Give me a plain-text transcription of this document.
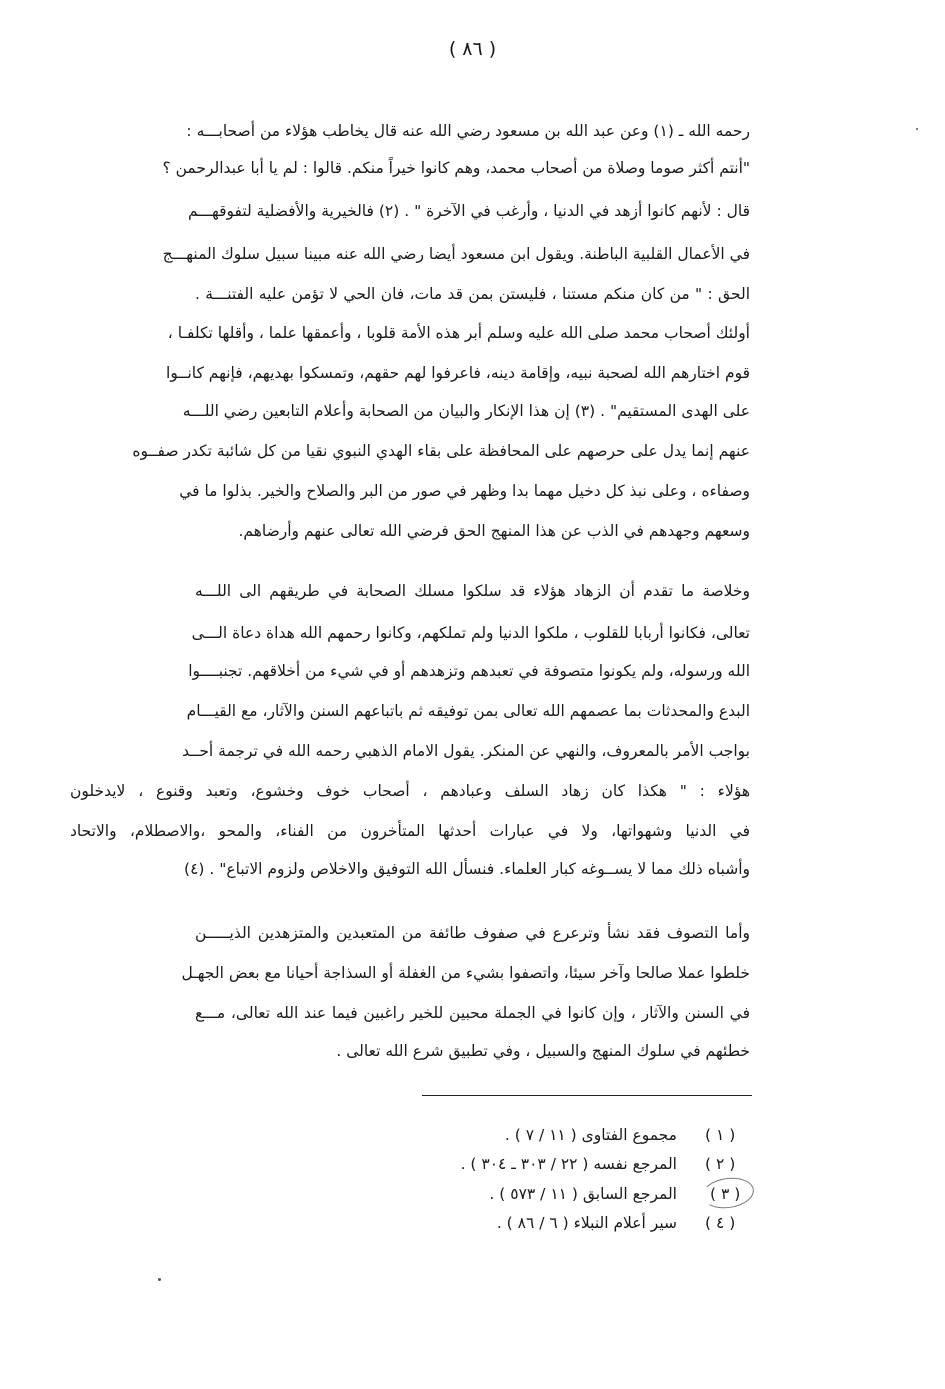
( ٨٦ )
رحمه الله ـ (١) وعن عبد الله بن مسعود رضي الله عنه قال يخاطب هؤلاء من أصحابـــه :
"أنتم أكثر صوما وصلاة من أصحاب محمد، وهم كانوا خيراً منكم. قالوا : لم يا أبا عبدالرحمن ؟
قال : لأنهم كانوا أزهد في الدنيا ، وأرغب في الآخرة " . (٢) فالخيرية والأفضلية لتفوقهـــم
في الأعمال القلبية الباطنة. ويقول ابن مسعود أيضا رضي الله عنه مبينا سبيل سلوك المنهـــج
الحق : " من كان منكم مستنا ، فليستن بمن قد مات، فان الحي لا تؤمن عليه الفتنـــة .
أولئك أصحاب محمد صلى الله عليه وسلم أبر هذه الأمة قلوبا ، وأعمقها علما ، وأقلها تكلفـا ،
قوم اختارهم الله لصحبة نبيه، وإقامة دينه، فاعرفوا لهم حقهم، وتمسكوا بهديهم، فإنهم كانــوا
على الهدى المستقيم" . (٣) إن هذا الإنكار والبيان من الصحابة وأعلام التابعين رضي اللـــه
عنهم إنما يدل على حرصهم على المحافظة على بقاء الهدي النبوي نقيا من كل شائبة تكدر صفــوه
وصفاءه ، وعلى نبذ كل دخيل مهما بدا وظهر في صور من البر والصلاح والخير. بذلوا ما في
وسعهم وجهدهم في الذب عن هذا المنهج الحق فرضي الله تعالى عنهم وأرضاهم.
وخلاصة ما تقدم أن الزهاد هؤلاء قد سلكوا مسلك الصحابة في طريقهم الى اللـــه
تعالى، فكانوا أربابا للقلوب ، ملكوا الدنيا ولم تملكهم، وكانوا رحمهم الله هداة دعاة الـــى
الله ورسوله، ولم يكونوا متصوفة في تعبدهم وتزهدهم أو في شيء من أخلاقهم. تجنبــــوا
البدع والمحدثات بما عصمهم الله تعالى بمن توفيقه ثم باتباعهم السنن والآثار، مع القيـــام
بواجب الأمر بالمعروف، والنهي عن المنكر. يقول الامام الذهبي رحمه الله في ترجمة أحــد
هؤلاء : " هكذا كان زهاد السلف وعبادهم ، أصحاب خوف وخشوع، وتعبد وقنوع ، لايدخلون
في الدنيا وشهواتها، ولا في عبارات أحدثها المتأخرون من الفناء، والمحو ،والاصطلام، والاتحاد
وأشباه ذلك مما لا يســوغه كبار العلماء. فنسأل الله التوفيق والاخلاص ولزوم الاتباع" . (٤)
وأما التصوف فقد نشأ وترعرع في صفوف طائفة من المتعبدين والمتزهدين الذيـــــن
خلطوا عملا صالحا وآخر سيئا، واتصفوا بشيء من الغفلة أو السذاجة أحيانا مع بعض الجهـل
في السنن والآثار ، وإن كانوا في الجملة محبين للخير راغبين فيما عند الله تعالى، مـــع
خطئهم في سلوك المنهج والسبيل ، وفي تطبيق شرع الله تعالى .
( ١ )
مجموع الفتاوى ( ١١ / ٧ ) .
( ٢ )
المرجع نفسه ( ٢٢ / ٣٠٣ ـ ٣٠٤ ) .
( ٣ )
المرجع السابق ( ١١ / ٥٧٣ ) .
( ٤ )
سير أعلام النبلاء ( ٦ / ٨٦ ) .
